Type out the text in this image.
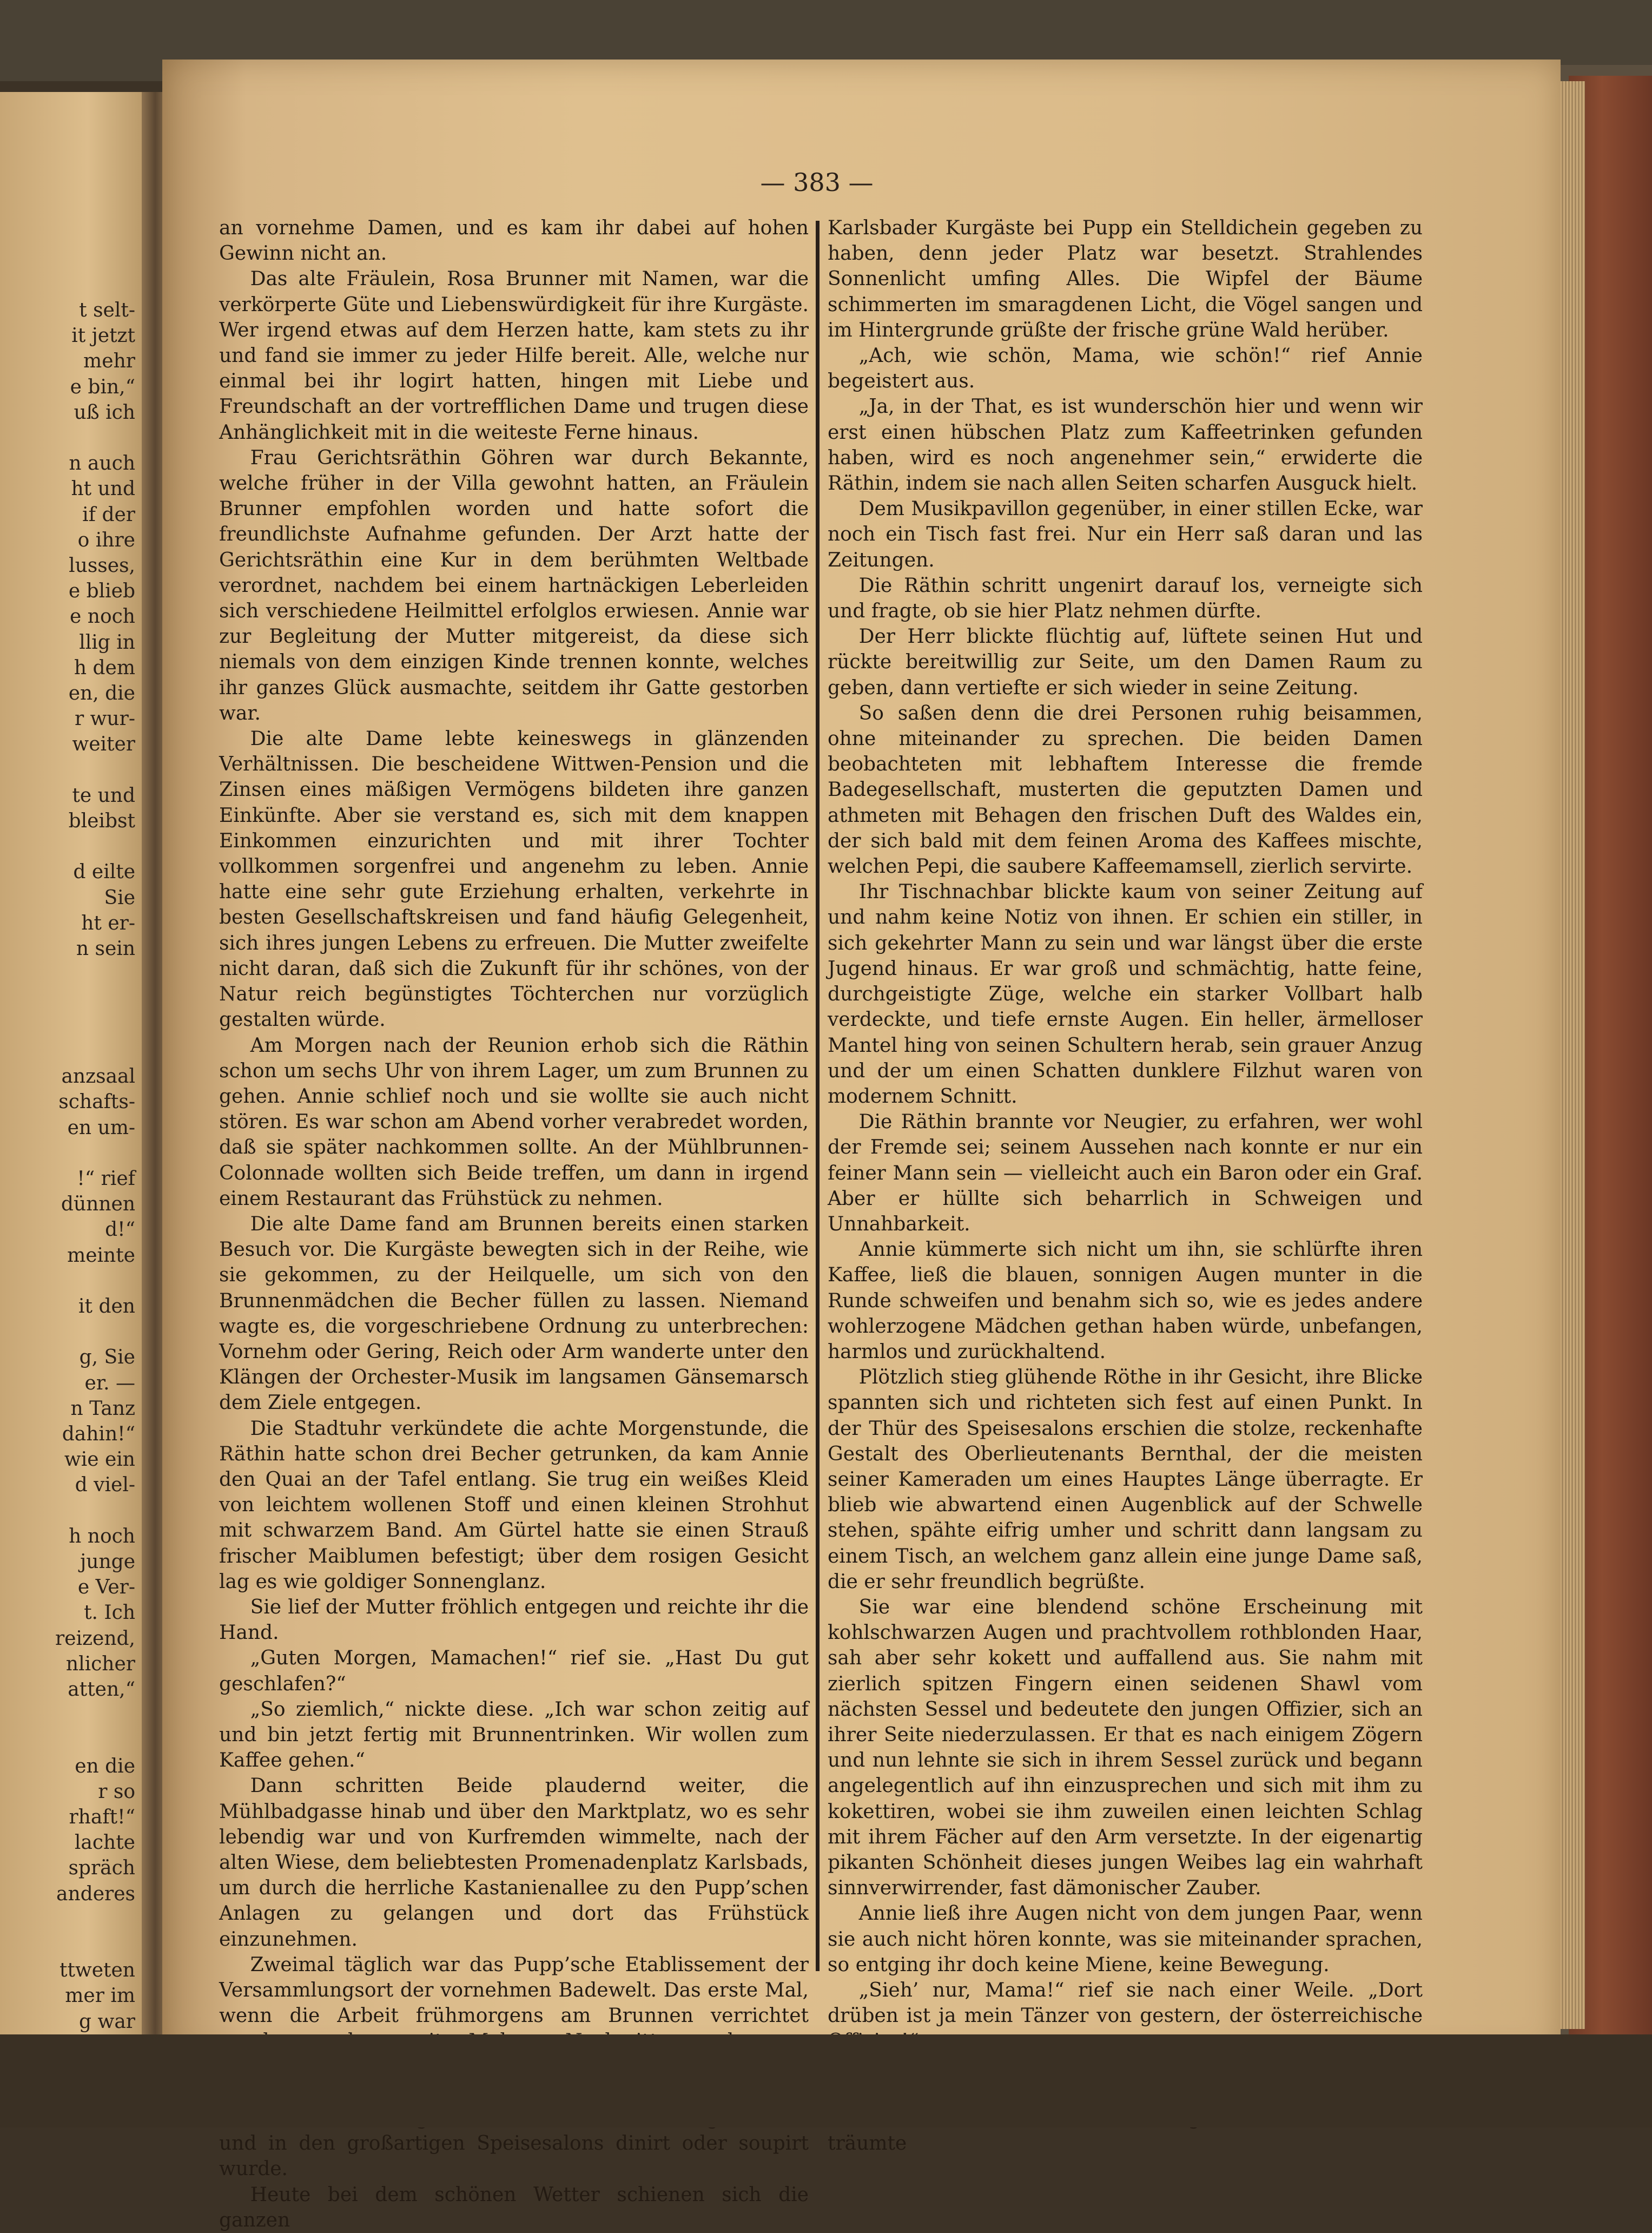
t selt-
it jetzt
mehr
e bin,“
uß ich

n auch
ht und
if der
o ihre
lusses,
e blieb
e noch
llig in
h dem
en, die
r wur-
weiter

te und
bleibst

d eilte
Sie
ht er-
n sein

anzsaal
schafts-
en um-

!“ rief
dünnen
d!“
meinte

it den

g, Sie
er. —
n Tanz
dahin!“
wie ein
d viel-

h noch
junge
e Ver-
t. Ich
reizend,
nlicher
atten,“

en die
r so
rhaft!“
lachte
spräch
anderes

ttweten
mer im
g war
— 383 —

an vornehme Damen, und es kam ihr dabei auf hohen Gewinn nicht an.

Das alte Fräulein, Rosa Brunner mit Namen, war die verkörperte Güte und Liebenswürdigkeit für ihre Kurgäste. Wer irgend etwas auf dem Herzen hatte, kam stets zu ihr und fand sie immer zu jeder Hilfe bereit. Alle, welche nur einmal bei ihr logirt hatten, hingen mit Liebe und Freundschaft an der vortrefflichen Dame und trugen diese Anhänglichkeit mit in die weiteste Ferne hinaus.

Frau Gerichtsräthin Göhren war durch Bekannte, welche früher in der Villa gewohnt hatten, an Fräulein Brunner empfohlen worden und hatte sofort die freundlichste Aufnahme gefunden. Der Arzt hatte der Gerichtsräthin eine Kur in dem berühmten Weltbade verordnet, nachdem bei einem hartnäckigen Leberleiden sich verschiedene Heilmittel erfolglos erwiesen. Annie war zur Begleitung der Mutter mitgereist, da diese sich niemals von dem einzigen Kinde trennen konnte, welches ihr ganzes Glück ausmachte, seitdem ihr Gatte gestorben war.

Die alte Dame lebte keineswegs in glänzenden Verhältnissen. Die bescheidene Wittwen-Pension und die Zinsen eines mäßigen Vermögens bildeten ihre ganzen Einkünfte. Aber sie verstand es, sich mit dem knappen Einkommen einzurichten und mit ihrer Tochter vollkommen sorgenfrei und angenehm zu leben. Annie hatte eine sehr gute Erziehung erhalten, verkehrte in besten Gesellschaftskreisen und fand häufig Gelegenheit, sich ihres jungen Lebens zu erfreuen. Die Mutter zweifelte nicht daran, daß sich die Zukunft für ihr schönes, von der Natur reich begünstigtes Töchterchen nur vorzüglich gestalten würde.

Am Morgen nach der Reunion erhob sich die Räthin schon um sechs Uhr von ihrem Lager, um zum Brunnen zu gehen. Annie schlief noch und sie wollte sie auch nicht stören. Es war schon am Abend vorher verabredet worden, daß sie später nachkommen sollte. An der Mühlbrunnen-Colonnade wollten sich Beide treffen, um dann in irgend einem Restaurant das Frühstück zu nehmen.

Die alte Dame fand am Brunnen bereits einen starken Besuch vor. Die Kurgäste bewegten sich in der Reihe, wie sie gekommen, zu der Heilquelle, um sich von den Brunnenmädchen die Becher füllen zu lassen. Niemand wagte es, die vorgeschriebene Ordnung zu unterbrechen: Vornehm oder Gering, Reich oder Arm wanderte unter den Klängen der Orchester-Musik im langsamen Gänsemarsch dem Ziele entgegen.

Die Stadtuhr verkündete die achte Morgenstunde, die Räthin hatte schon drei Becher getrunken, da kam Annie den Quai an der Tafel entlang. Sie trug ein weißes Kleid von leichtem wollenen Stoff und einen kleinen Strohhut mit schwarzem Band. Am Gürtel hatte sie einen Strauß frischer Maiblumen befestigt; über dem rosigen Gesicht lag es wie goldiger Sonnenglanz.

Sie lief der Mutter fröhlich entgegen und reichte ihr die Hand.

„Guten Morgen, Mamachen!“ rief sie. „Hast Du gut geschlafen?“

„So ziemlich,“ nickte diese. „Ich war schon zeitig auf und bin jetzt fertig mit Brunnentrinken. Wir wollen zum Kaffee gehen.“

Dann schritten Beide plaudernd weiter, die Mühlbadgasse hinab und über den Marktplatz, wo es sehr lebendig war und von Kurfremden wimmelte, nach der alten Wiese, dem beliebtesten Promenadenplatz Karlsbads, um durch die herrliche Kastanienallee zu den Pupp’schen Anlagen zu gelangen und dort das Frühstück einzunehmen.

Zweimal täglich war das Pupp’sche Etablissement der Versammlungsort der vornehmen Badewelt. Das erste Mal, wenn die Arbeit frühmorgens am Brunnen verrichtet und in den großartigen Speisesalons dinirt oder soupirt wurde.

Heute bei dem schönen Wetter schienen sich die ganzen

Karlsbader Kurgäste bei Pupp ein Stelldichein gegeben zu haben, denn jeder Platz war besetzt. Strahlendes Sonnenlicht umfing Alles. Die Wipfel der Bäume schimmerten im smaragdenen Licht, die Vögel sangen und im Hintergrunde grüßte der frische grüne Wald herüber.

„Ach, wie schön, Mama, wie schön!“ rief Annie begeistert aus.

„Ja, in der That, es ist wunderschön hier und wenn wir erst einen hübschen Platz zum Kaffeetrinken gefunden haben, wird es noch angenehmer sein,“ erwiderte die Räthin, indem sie nach allen Seiten scharfen Ausguck hielt.

Dem Musikpavillon gegenüber, in einer stillen Ecke, war noch ein Tisch fast frei. Nur ein Herr saß daran und las Zeitungen.

Die Räthin schritt ungenirt darauf los, verneigte sich und fragte, ob sie hier Platz nehmen dürfte.

Der Herr blickte flüchtig auf, lüftete seinen Hut und rückte bereitwillig zur Seite, um den Damen Raum zu geben, dann vertiefte er sich wieder in seine Zeitung.

So saßen denn die drei Personen ruhig beisammen, ohne miteinander zu sprechen. Die beiden Damen beobachteten mit lebhaftem Interesse die fremde Badegesellschaft, musterten die geputzten Damen und athmeten mit Behagen den frischen Duft des Waldes ein, der sich bald mit dem feinen Aroma des Kaffees mischte, welchen Pepi, die saubere Kaffeemamsell, zierlich servirte.

Ihr Tischnachbar blickte kaum von seiner Zeitung auf und nahm keine Notiz von ihnen. Er schien ein stiller, in sich gekehrter Mann zu sein und war längst über die erste Jugend hinaus. Er war groß und schmächtig, hatte feine, durchgeistigte Züge, welche ein starker Vollbart halb verdeckte, und tiefe ernste Augen. Ein heller, ärmelloser Mantel hing von seinen Schultern herab, sein grauer Anzug und der um einen Schatten dunklere Filzhut waren von modernem Schnitt.

Die Räthin brannte vor Neugier, zu erfahren, wer wohl der Fremde sei; seinem Aussehen nach konnte er nur ein feiner Mann sein — vielleicht auch ein Baron oder ein Graf. Aber er hüllte sich beharrlich in Schweigen und Unnahbarkeit.

Annie kümmerte sich nicht um ihn, sie schlürfte ihren Kaffee, ließ die blauen, sonnigen Augen munter in die Runde schweifen und benahm sich so, wie es jedes andere wohlerzogene Mädchen gethan haben würde, unbefangen, harmlos und zurückhaltend.

Plötzlich stieg glühende Röthe in ihr Gesicht, ihre Blicke spannten sich und richteten sich fest auf einen Punkt. In der Thür des Speisesalons erschien die stolze, reckenhafte Gestalt des Oberlieutenants Bernthal, der die meisten seiner Kameraden um eines Hauptes Länge überragte. Er blieb wie abwartend einen Augenblick auf der Schwelle stehen, spähte eifrig umher und schritt dann langsam zu einem Tisch, an welchem ganz allein eine junge Dame saß, die er sehr freundlich begrüßte.

Sie war eine blendend schöne Erscheinung mit kohlschwarzen Augen und prachtvollem rothblonden Haar, sah aber sehr kokett und auffallend aus. Sie nahm mit zierlich spitzen Fingern einen seidenen Shawl vom nächsten Sessel und bedeutete den jungen Offizier, sich an ihrer Seite niederzulassen. Er that es nach einigem Zögern und nun lehnte sie sich in ihrem Sessel zurück und begann angelegentlich auf ihn einzusprechen und sich mit ihm zu kokettiren, wobei sie ihm zuweilen einen leichten Schlag mit ihrem Fächer auf den Arm versetzte. In der eigenartig pikanten Schönheit dieses jungen Weibes lag ein wahrhaft sinnverwirrender, fast dämonischer Zauber.

Annie ließ ihre Augen nicht von dem jungen Paar, wenn sie auch nicht hören konnte, was sie miteinander sprachen, so entging ihr doch keine Miene, keine Bewegung.

„Sieh’ nur, Mama!“ rief sie nach einer Weile. „Dort drüben ist ja mein Tänzer von gestern, der österreichische

träumte
